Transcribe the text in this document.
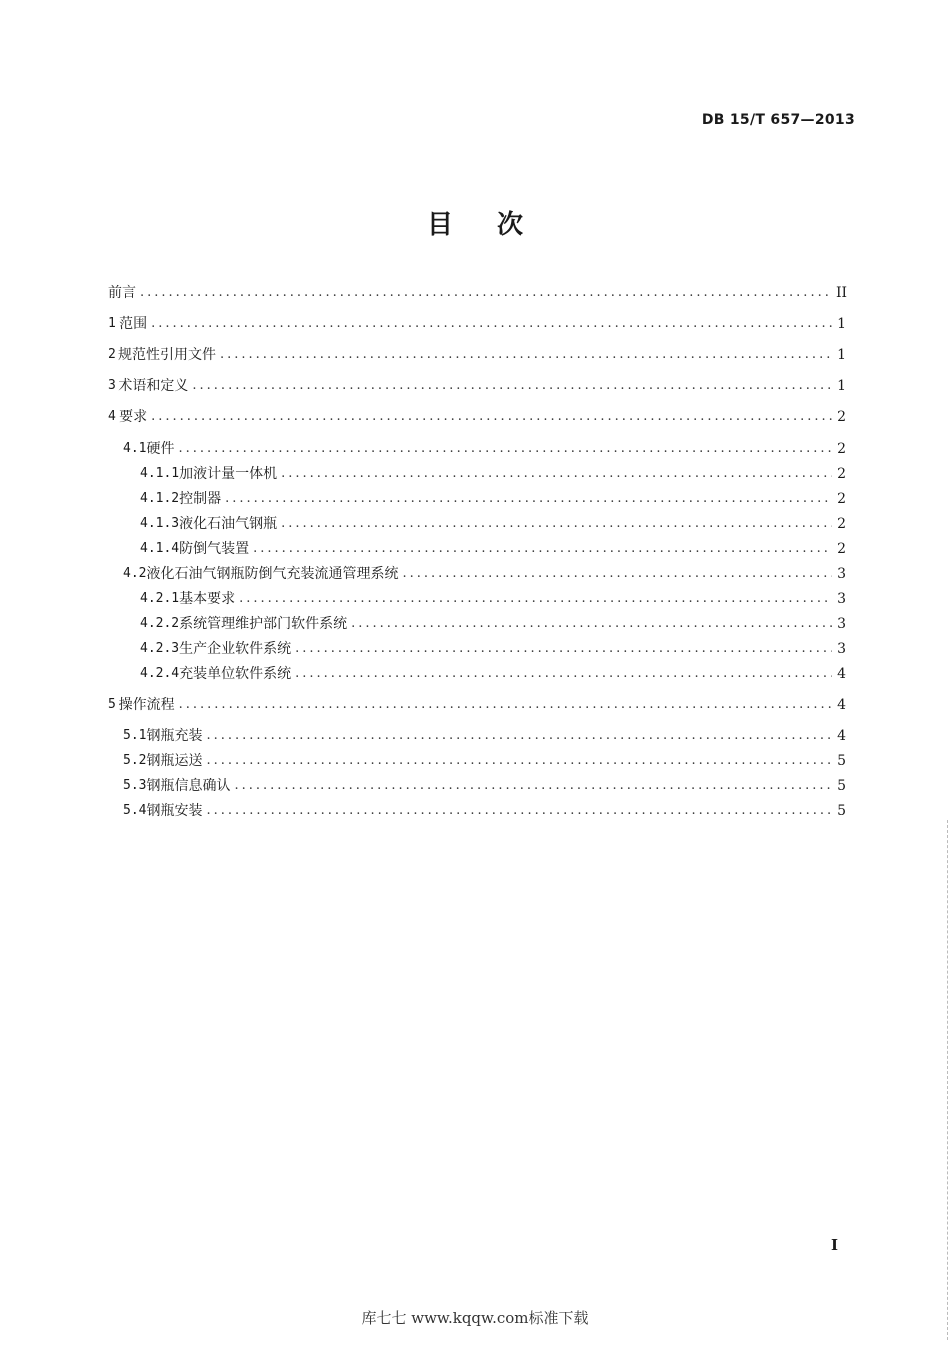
DB 15/T 657—2013
目次
前言 .....	II
1 范围 .....	1
2 规范性引用文件 .....	1
3 术语和定义 .....	1
4 要求 .....	2
4.1 硬件 .....	2
4.1.1 加液计量一体机 .....	2
4.1.2 控制器 .....	2
4.1.3 液化石油气钢瓶 .....	2
4.1.4 防倒气装置 .....	2
4.2 液化石油气钢瓶防倒气充装流通管理系统 .....	3
4.2.1 基本要求 .....	3
4.2.2 系统管理维护部门软件系统 .....	3
4.2.3 生产企业软件系统 .....	3
4.2.4 充装单位软件系统 .....	4
5 操作流程 .....	4
5.1 钢瓶充装 .....	4
5.2 钢瓶运送 .....	5
5.3 钢瓶信息确认 .....	5
5.4 钢瓶安装 .....	5
I
库七七 www.kqqw.com标准下载
